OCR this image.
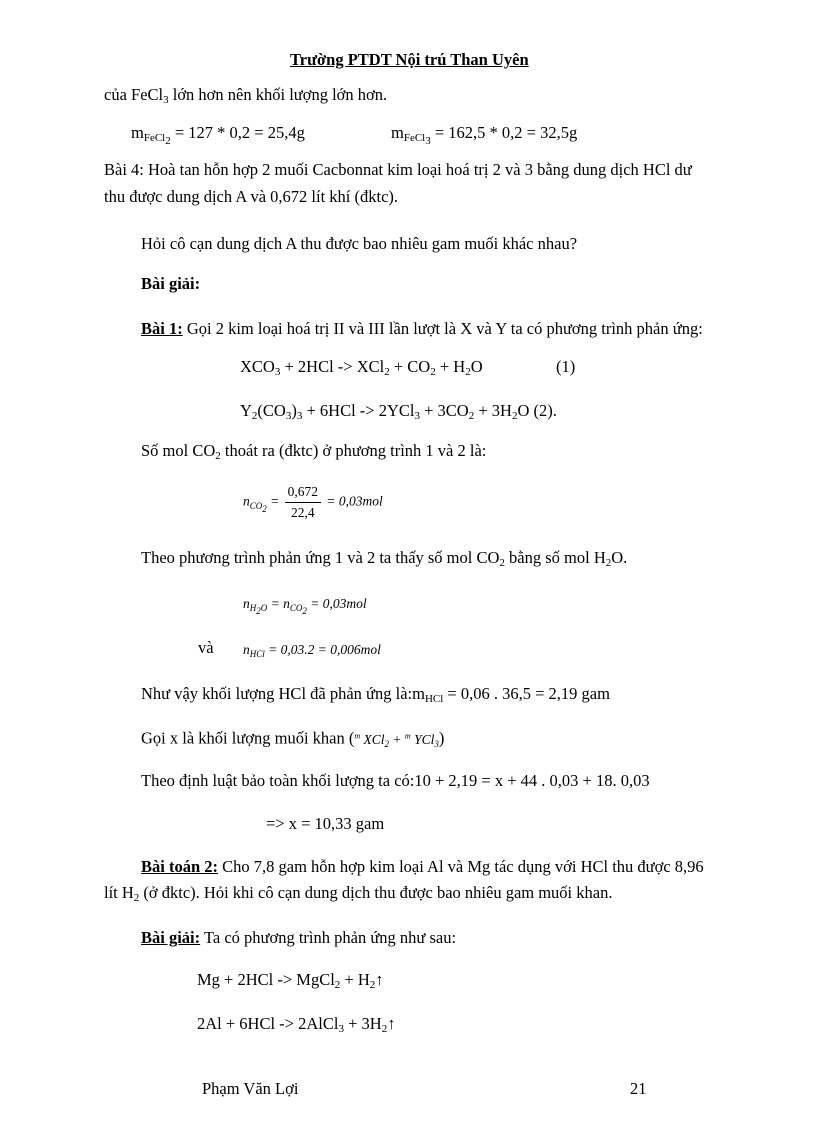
Trường PTDT Nội trú Than Uyên
của FeCl$_3$ lớn hơn nên khối lượng lớn hơn.
$m_{FeCl_2} = 127 * 0,2 = 25,4g$	$m_{FeCl_3} = 162,5 * 0,2 = 32,5g$
Bài 4: Hoà tan hỗn hợp 2 muối Cacbonnat kim loại hoá trị 2 và 3 bằng dung dịch HCl dư
thu được dung dịch A và 0,672 lít khí (đktc).
Hỏi cô cạn dung dịch A thu được bao nhiêu gam muối khác nhau?
Bài giải:
Bài 1: Gọi 2 kim loại hoá trị II và III lần lượt là X và Y ta có phương trình phản ứng:
$XCO_3 + 2HCl -> XCl_2 + CO_2 + H_2O$	(1)
$Y_2(CO_3)_3 + 6HCl -> 2YCl_3 + 3CO_2 + 3H_2O$ (2).
Số mol $CO_2$ thoát ra (đktc) ở phương trình 1 và 2 là:
$n_{CO_2} = \frac{0,672}{22,4} = 0,03mol$
Theo phương trình phản ứng 1 và 2 ta thấy số mol $CO_2$ bằng số mol $H_2O$.
$n_{H_2O} = n_{CO_2} = 0,03mol$
và $n_{HCl} = 0,03.2 = 0,006mol$
Như vậy khối lượng HCl đã phản ứng $là:m_{HCl} = 0,06$ . 36,5 = 2,19 gam
Gọi x là khối lượng muối khan ($^m$ XCl$_2$ + $^m$ YCl$_3$)
Theo định luật bảo toàn khối lượng ta có:10 + 2,19 = x + 44 . 0,03 + 18. 0,03
=> x = 10,33 gam
Bài toán 2: Cho 7,8 gam hỗn hợp kim loại Al và Mg tác dụng với HCl thu được 8,96
lít $H_2$ (ở đktc). Hỏi khi cô cạn dung dịch thu được bao nhiêu gam muối khan.
Bài giải: Ta có phương trình phản ứng như sau:
Mg + 2HCl -> MgCl$_2$ + $H_2↑$
2Al + 6HCl -> 2AlCl$_3$ + $3H_2↑$
Phạm Văn Lợi	21
